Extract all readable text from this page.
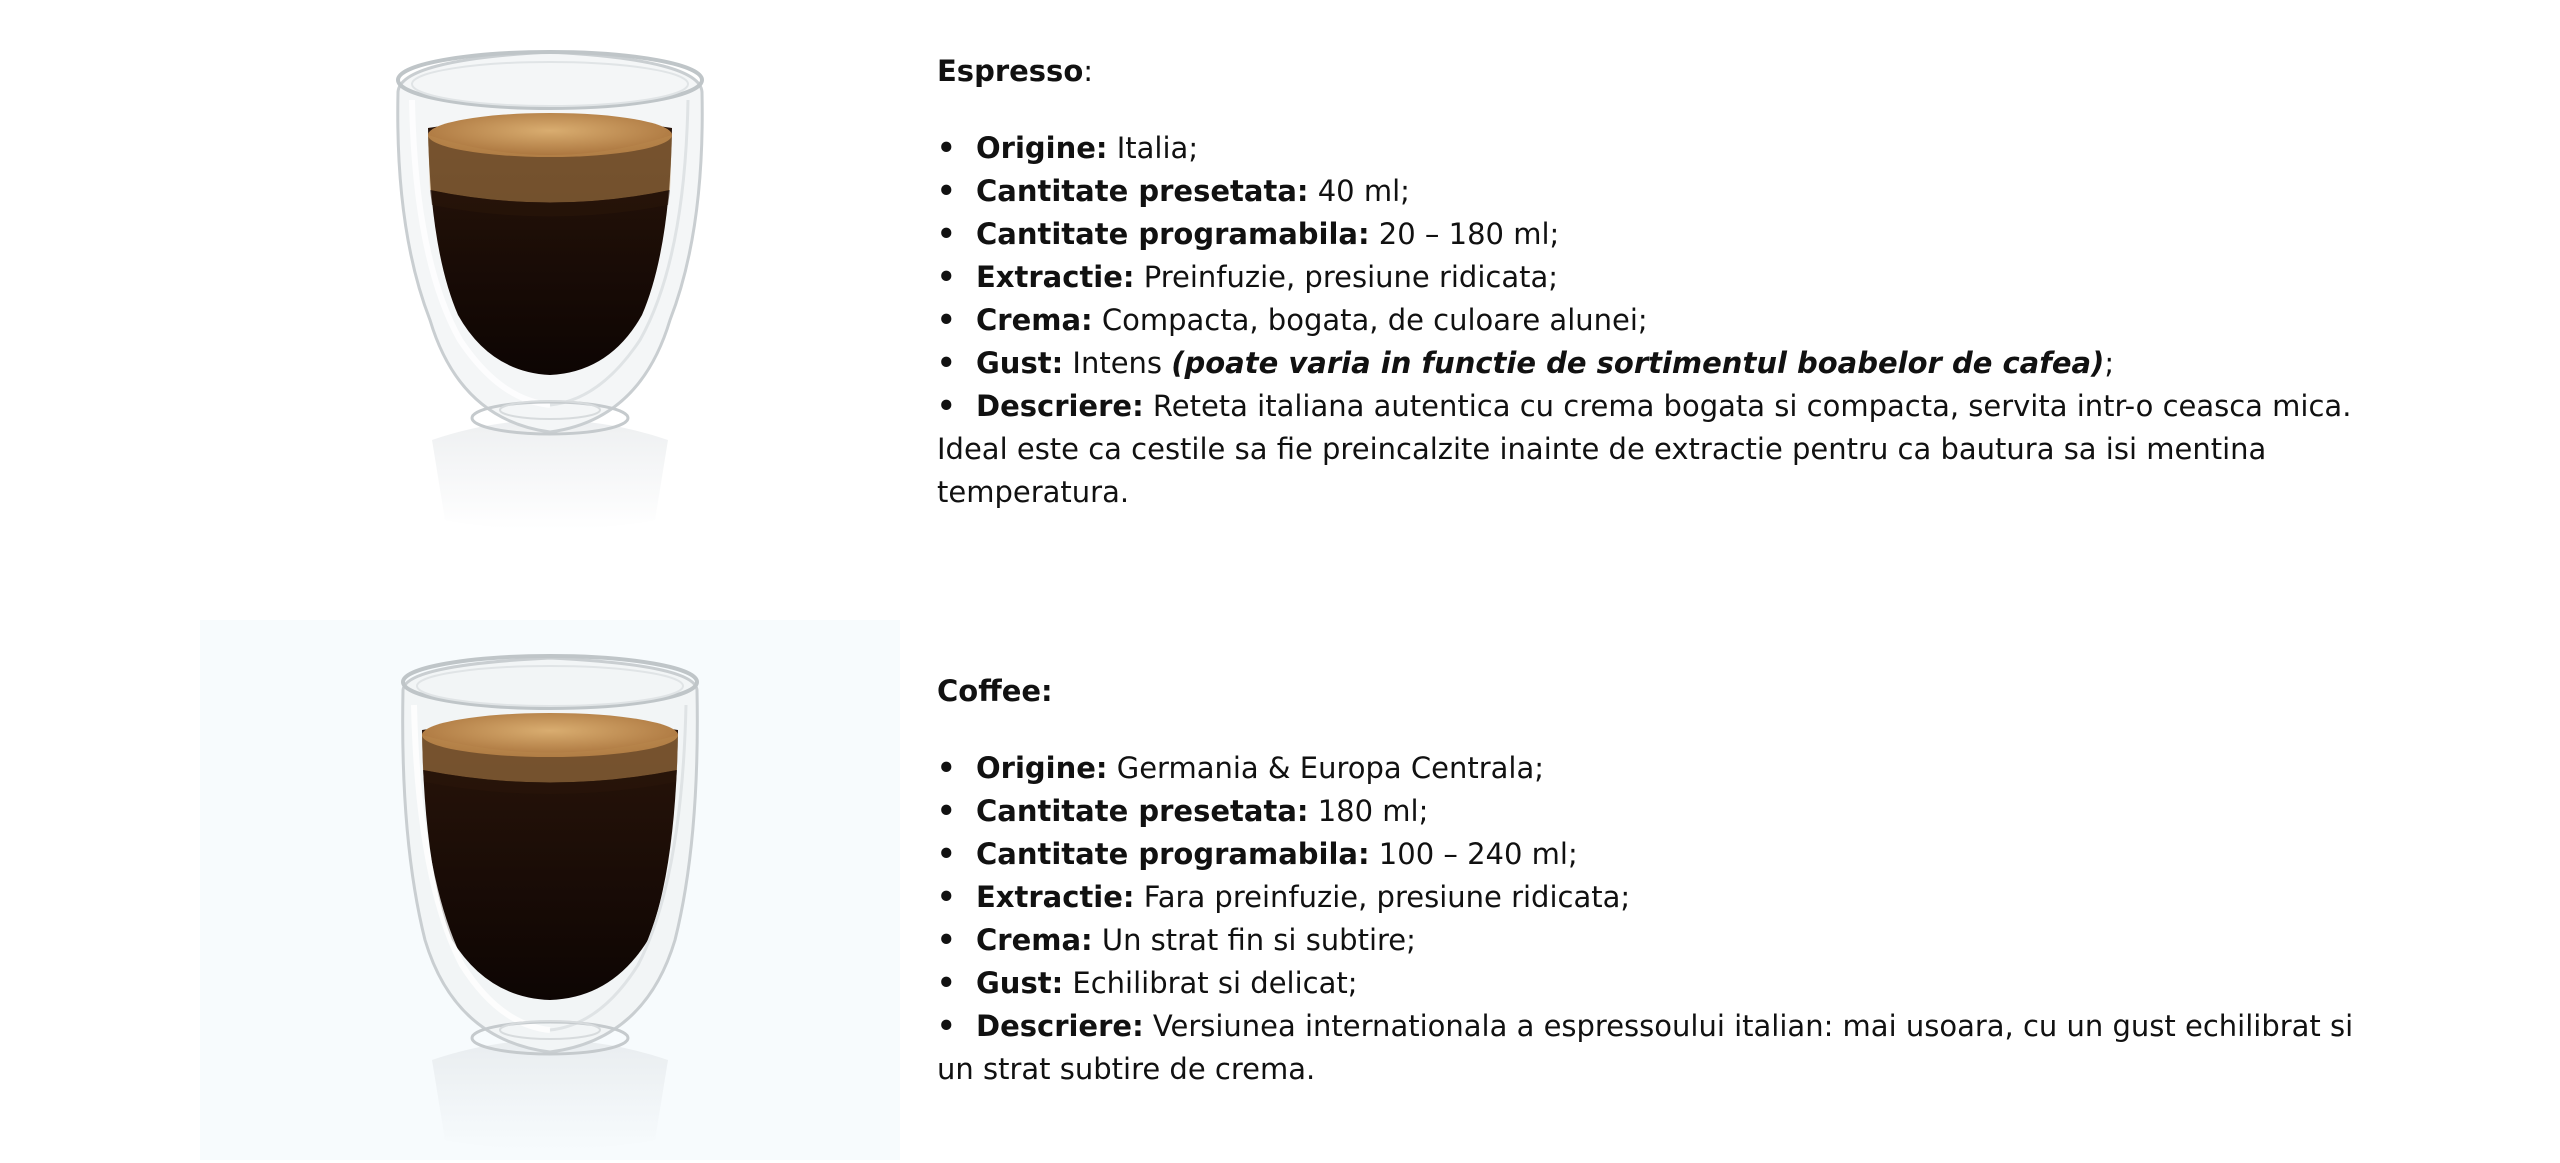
Espresso:

• Origine: Italia;
• Cantitate presetata: 40 ml;
• Cantitate programabila: 20 – 180 ml;
• Extractie: Preinfuzie, presiune ridicata;
• Crema: Compacta, bogata, de culoare alunei;
• Gust: Intens (poate varia in functie de sortimentul boabelor de cafea);
• Descriere: Reteta italiana autentica cu crema bogata si compacta, servita intr-o ceasca mica. Ideal este ca cestile sa fie preincalzite inainte de extractie pentru ca bautura sa isi mentina temperatura.

Coffee:

• Origine: Germania & Europa Centrala;
• Cantitate presetata: 180 ml;
• Cantitate programabila: 100 – 240 ml;
• Extractie: Fara preinfuzie, presiune ridicata;
• Crema: Un strat fin si subtire;
• Gust: Echilibrat si delicat;
• Descriere: Versiunea internationala a espressoului italian: mai usoara, cu un gust echilibrat si un strat subtire de crema.
